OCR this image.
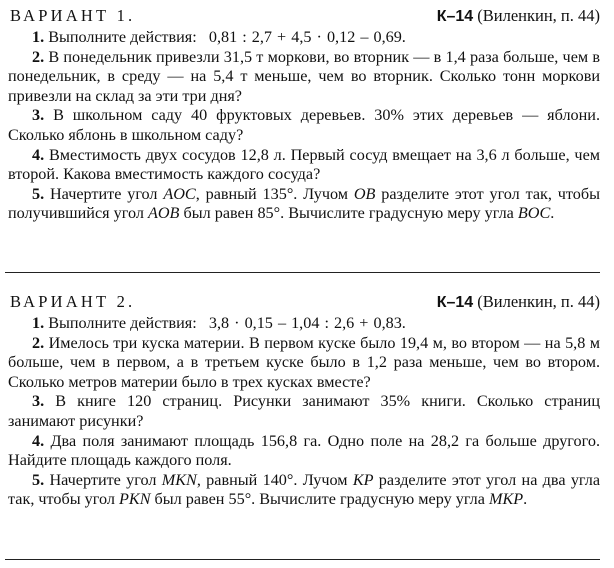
ВАРИАНТ 1.	К–14 (Виленкин, п. 44)

1. Выполните действия:   0,81 : 2,7 + 4,5 · 0,12 – 0,69.

2. В понедельник привезли 31,5 т моркови, во вторник — в 1,4 раза больше, чем в понедельник, в среду — на 5,4 т меньше, чем во вторник. Сколько тонн моркови привезли на склад за эти три дня?

3. В школьном саду 40 фруктовых деревьев. 30% этих деревьев — яблони. Сколько яблонь в школьном саду?

4. Вместимость двух сосудов 12,8 л. Первый сосуд вмещает на 3,6 л больше, чем второй. Какова вместимость каждого сосуда?

5. Начертите угол AOC, равный 135°. Лучом OB разделите этот угол так, чтобы получившийся угол AOB был равен 85°. Вычислите градусную меру угла BOC.

ВАРИАНТ 2.	К–14 (Виленкин, п. 44)

1. Выполните действия:   3,8 · 0,15 – 1,04 : 2,6 + 0,83.

2. Имелось три куска материи. В первом куске было 19,4 м, во втором — на 5,8 м больше, чем в первом, а в третьем куске было в 1,2 раза меньше, чем во втором. Сколько метров материи было в трех кусках вместе?

3. В книге 120 страниц. Рисунки занимают 35% книги. Сколько страниц занимают рисунки?

4. Два поля занимают площадь 156,8 га. Одно поле на 28,2 га больше другого. Найдите площадь каждого поля.

5. Начертите угол MKN, равный 140°. Лучом KP разделите этот угол на два угла так, чтобы угол PKN был равен 55°. Вычислите градусную меру угла MKP.
